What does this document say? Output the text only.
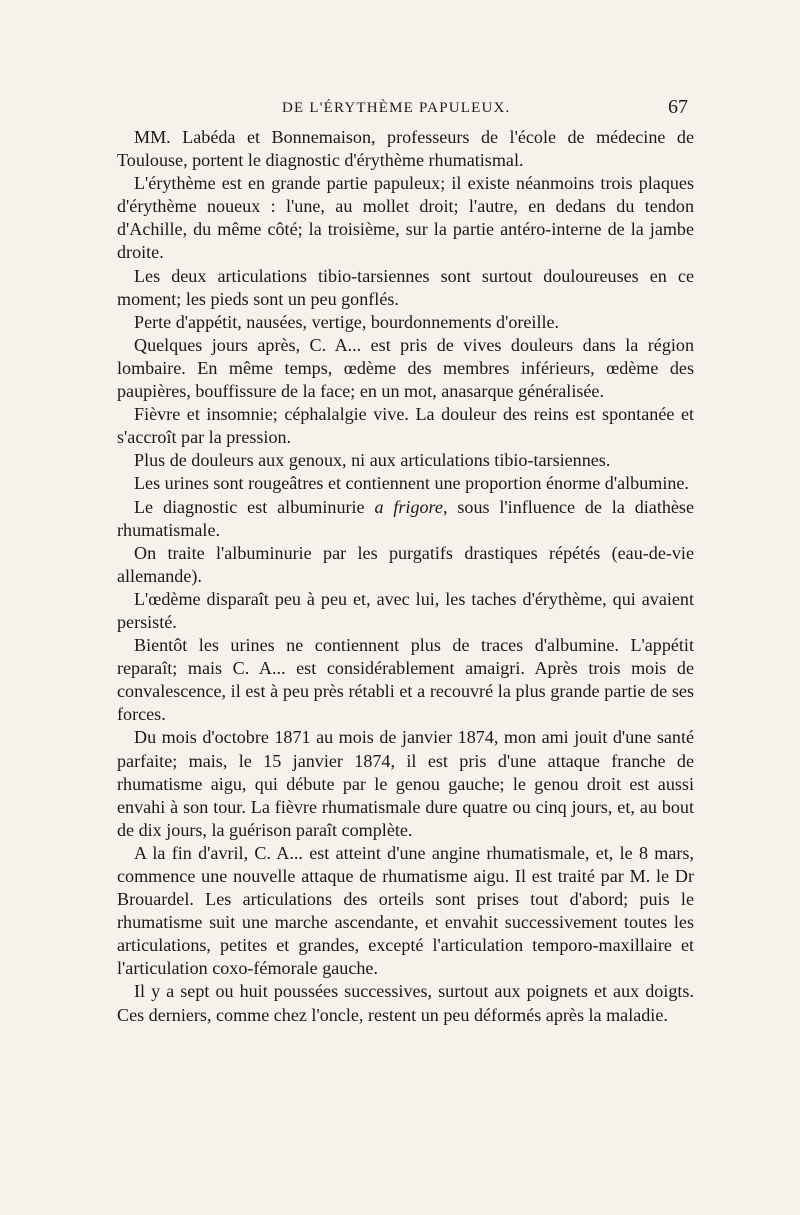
DE L'ÉRYTHÈME PAPULEUX.	67

MM. Labéda et Bonnemaison, professeurs de l'école de médecine de Toulouse, portent le diagnostic d'érythème rhumatismal.

L'érythème est en grande partie papuleux; il existe néanmoins trois plaques d'érythème noueux : l'une, au mollet droit; l'autre, en dedans du tendon d'Achille, du même côté; la troisième, sur la partie antéro-interne de la jambe droite.

Les deux articulations tibio-tarsiennes sont surtout douloureuses en ce moment; les pieds sont un peu gonflés.

Perte d'appétit, nausées, vertige, bourdonnements d'oreille.

Quelques jours après, C. A... est pris de vives douleurs dans la région lombaire. En même temps, œdème des membres inférieurs, œdème des paupières, bouffissure de la face; en un mot, anasarque généralisée.

Fièvre et insomnie; céphalalgie vive. La douleur des reins est spontanée et s'accroît par la pression.

Plus de douleurs aux genoux, ni aux articulations tibio-tarsiennes.

Les urines sont rougeâtres et contiennent une proportion énorme d'albumine.

Le diagnostic est albuminurie a frigore, sous l'influence de la diathèse rhumatismale.

On traite l'albuminurie par les purgatifs drastiques répétés (eau-de-vie allemande).

L'œdème disparaît peu à peu et, avec lui, les taches d'érythème, qui avaient persisté.

Bientôt les urines ne contiennent plus de traces d'albumine. L'appétit reparaît; mais C. A... est considérablement amaigri. Après trois mois de convalescence, il est à peu près rétabli et a recouvré la plus grande partie de ses forces.

Du mois d'octobre 1871 au mois de janvier 1874, mon ami jouit d'une santé parfaite; mais, le 15 janvier 1874, il est pris d'une attaque franche de rhumatisme aigu, qui débute par le genou gauche; le genou droit est aussi envahi à son tour. La fièvre rhumatismale dure quatre ou cinq jours, et, au bout de dix jours, la guérison paraît complète.

A la fin d'avril, C. A... est atteint d'une angine rhumatismale, et, le 8 mars, commence une nouvelle attaque de rhumatisme aigu. Il est traité par M. le Dr Brouardel. Les articulations des orteils sont prises tout d'abord; puis le rhumatisme suit une marche ascendante, et envahit successivement toutes les articulations, petites et grandes, excepté l'articulation temporo-maxillaire et l'articulation coxo-fémorale gauche.

Il y a sept ou huit poussées successives, surtout aux poignets et aux doigts. Ces derniers, comme chez l'oncle, restent un peu déformés après la maladie.
